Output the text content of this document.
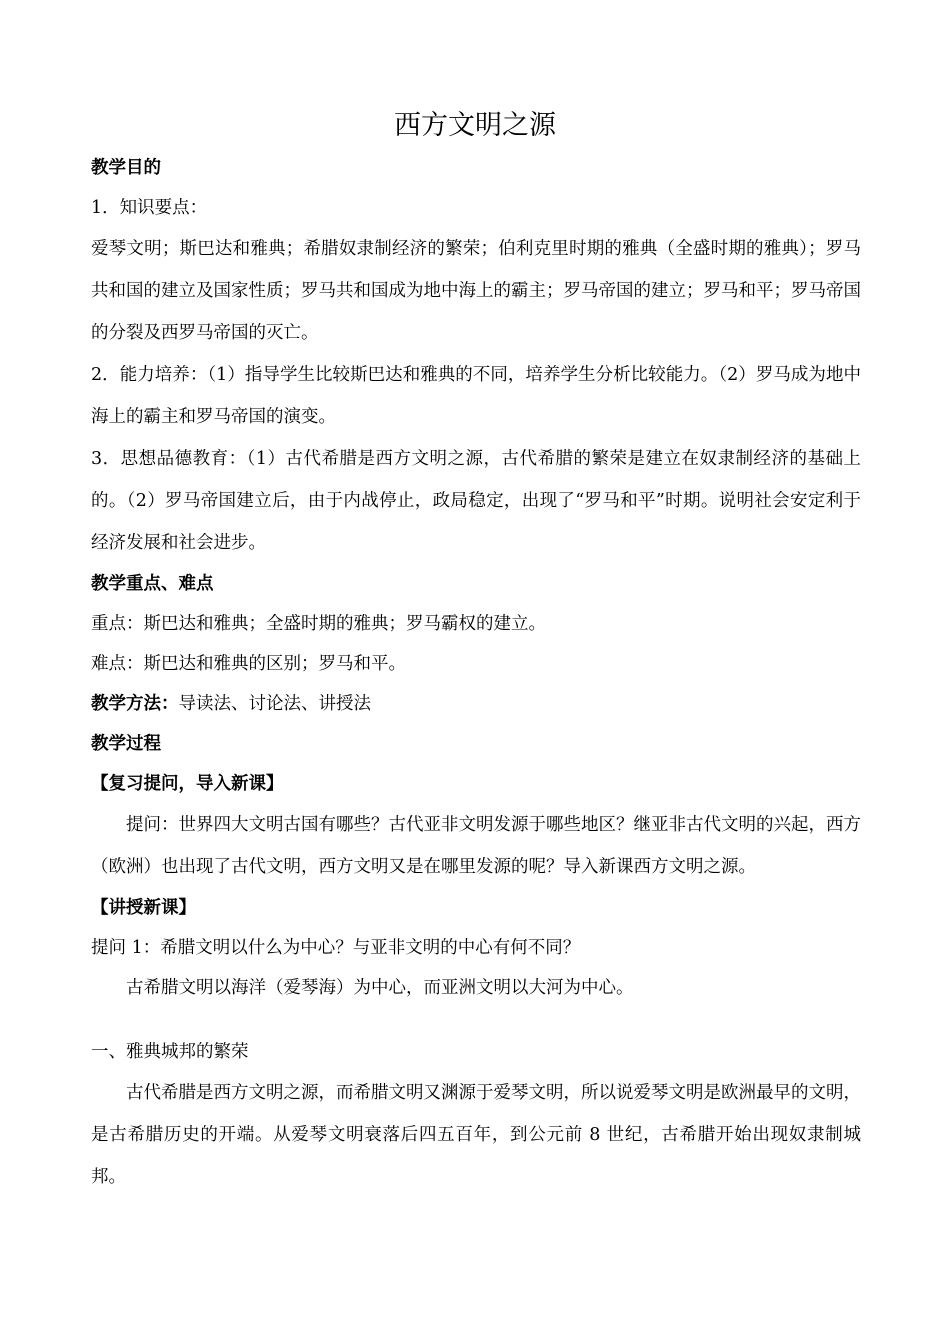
西方文明之源

教学目的

1．知识要点：

爱琴文明；斯巴达和雅典；希腊奴隶制经济的繁荣；伯利克里时期的雅典（全盛时期的雅典）；罗马共和国的建立及国家性质；罗马共和国成为地中海上的霸主；罗马帝国的建立；罗马和平；罗马帝国的分裂及西罗马帝国的灭亡。

2．能力培养：（1）指导学生比较斯巴达和雅典的不同，培养学生分析比较能力。（2）罗马成为地中海上的霸主和罗马帝国的演变。

3．思想品德教育：（1）古代希腊是西方文明之源，古代希腊的繁荣是建立在奴隶制经济的基础上的。（2）罗马帝国建立后，由于内战停止，政局稳定，出现了“罗马和平”时期。说明社会安定利于经济发展和社会进步。

教学重点、难点

重点：斯巴达和雅典；全盛时期的雅典；罗马霸权的建立。

难点：斯巴达和雅典的区别；罗马和平。

教学方法：导读法、讨论法、讲授法

教学过程

【复习提问，导入新课】

提问：世界四大文明古国有哪些？古代亚非文明发源于哪些地区？继亚非古代文明的兴起，西方（欧洲）也出现了古代文明，西方文明又是在哪里发源的呢？导入新课西方文明之源。

【讲授新课】

提问 1：希腊文明以什么为中心？与亚非文明的中心有何不同？

古希腊文明以海洋（爱琴海）为中心，而亚洲文明以大河为中心。

一、雅典城邦的繁荣

古代希腊是西方文明之源，而希腊文明又渊源于爱琴文明，所以说爱琴文明是欧洲最早的文明，是古希腊历史的开端。从爱琴文明衰落后四五百年，到公元前 8 世纪，古希腊开始出现奴隶制城邦。
